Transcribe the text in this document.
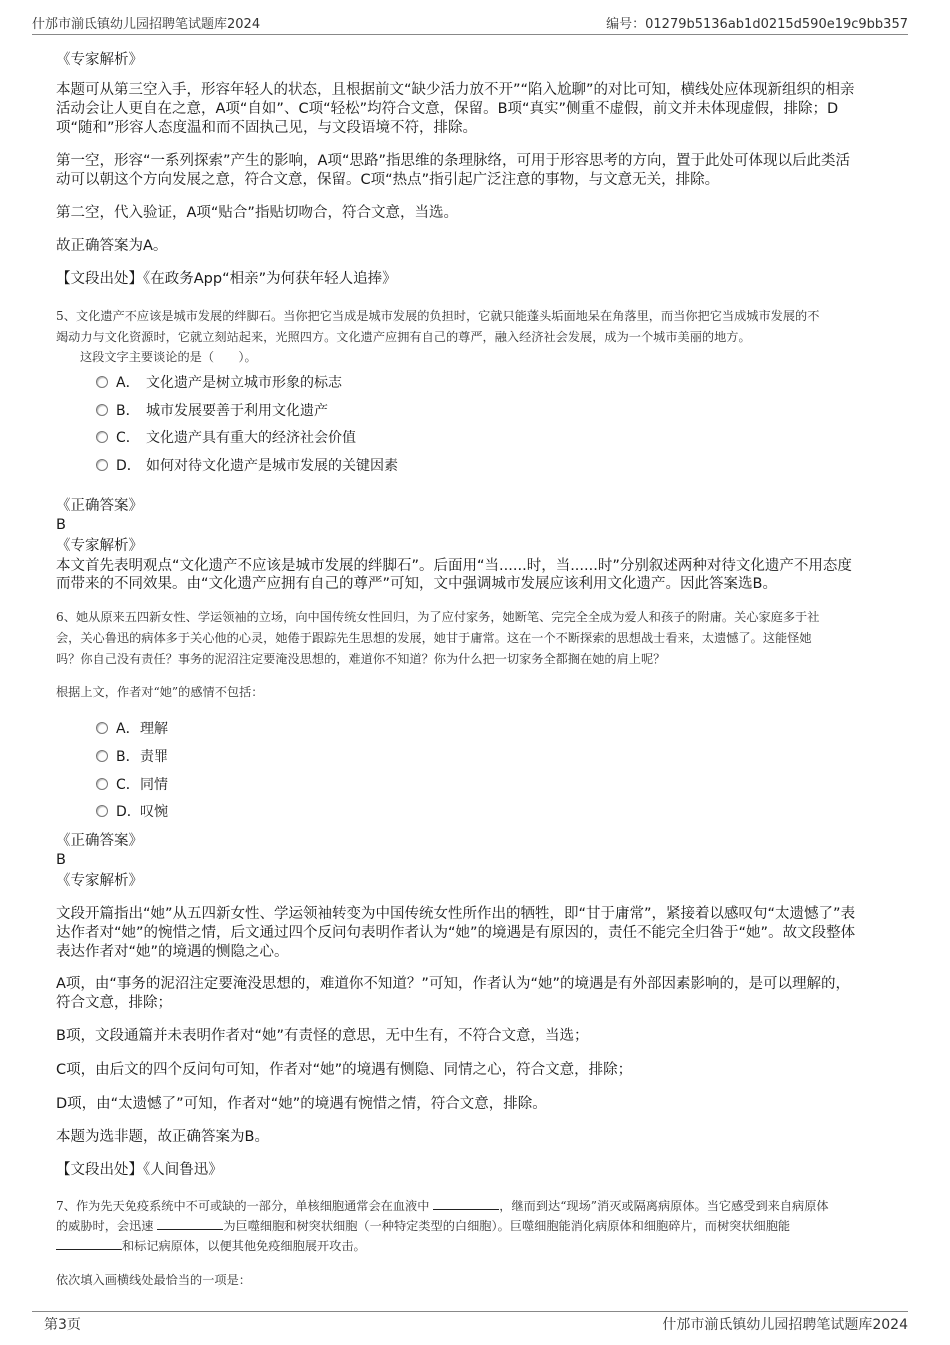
什邡市湔氐镇幼儿园招聘笔试题库2024	编号：01279b5136ab1d0215d590e19c9bb357
《专家解析》
本题可从第三空入手，形容年轻人的状态，且根据前文“缺少活力放不开”“陷入尬聊”的对比可知，横线处应体现新组织的相亲
活动会让人更自在之意，A项“自如”、C项“轻松”均符合文意，保留。B项“真实”侧重不虚假，前文并未体现虚假，排除；D
项“随和”形容人态度温和而不固执己见，与文段语境不符，排除。
第一空，形容“一系列探索”产生的影响，A项“思路”指思维的条理脉络，可用于形容思考的方向，置于此处可体现以后此类活
动可以朝这个方向发展之意，符合文意，保留。C项“热点”指引起广泛注意的事物，与文意无关，排除。
第二空，代入验证，A项“贴合”指贴切吻合，符合文意，当选。
故正确答案为A。
【文段出处】《在政务App“相亲”为何获年轻人追捧》
5、文化遗产不应该是城市发展的绊脚石。当你把它当成是城市发展的负担时，它就只能蓬头垢面地呆在角落里，而当你把它当成城市发展的不
竭动力与文化资源时，它就立刻站起来，光照四方。文化遗产应拥有自己的尊严，融入经济社会发展，成为一个城市美丽的地方。
这段文字主要谈论的是（　　）。
A． 文化遗产是树立城市形象的标志
B． 城市发展要善于利用文化遗产
C． 文化遗产具有重大的经济社会价值
D． 如何对待文化遗产是城市发展的关键因素
《正确答案》
B
《专家解析》
本文首先表明观点“文化遗产不应该是城市发展的绊脚石”。后面用“当......时，当......时”分别叙述两种对待文化遗产不用态度
而带来的不同效果。由“文化遗产应拥有自己的尊严”可知，文中强调城市发展应该利用文化遗产。因此答案选B。
6、她从原来五四新女性、学运领袖的立场，向中国传统女性回归，为了应付家务，她断笔、完完全全成为爱人和孩子的附庸。关心家庭多于社
会，关心鲁迅的病体多于关心他的心灵，她倦于跟踪先生思想的发展，她甘于庸常。这在一个不断探索的思想战士看来，太遗憾了。这能怪她
吗？你自己没有责任？事务的泥沼注定要淹没思想的，难道你不知道？你为什么把一切家务全都搁在她的肩上呢？
根据上文，作者对“她”的感情不包括：
A．理解
B．责罪
C．同情
D．叹惋
《正确答案》
B
《专家解析》
文段开篇指出“她”从五四新女性、学运领袖转变为中国传统女性所作出的牺牲，即“甘于庸常”，紧接着以感叹句“太遗憾了”表
达作者对“她”的惋惜之情，后文通过四个反问句表明作者认为“她”的境遇是有原因的，责任不能完全归咎于“她”。故文段整体
表达作者对“她”的境遇的恻隐之心。
A项，由“事务的泥沼注定要淹没思想的，难道你不知道？”可知，作者认为“她”的境遇是有外部因素影响的，是可以理解的，
符合文意，排除；
B项，文段通篇并未表明作者对“她”有责怪的意思，无中生有，不符合文意，当选；
C项，由后文的四个反问句可知，作者对“她”的境遇有恻隐、同情之心，符合文意，排除；
D项，由“太遗憾了”可知，作者对“她”的境遇有惋惜之情，符合文意，排除。
本题为选非题，故正确答案为B。
【文段出处】《人间鲁迅》
7、作为先天免疫系统中不可或缺的一部分，单核细胞通常会在血液中	，继而到达“现场”消灭或隔离病原体。当它感受到来自病原体
的威胁时，会迅速	为巨噬细胞和树突状细胞（一种特定类型的白细胞）。巨噬细胞能消化病原体和细胞碎片，而树突状细胞能
和标记病原体，以便其他免疫细胞展开攻击。
依次填入画横线处最恰当的一项是：
第3页	什邡市湔氐镇幼儿园招聘笔试题库2024
